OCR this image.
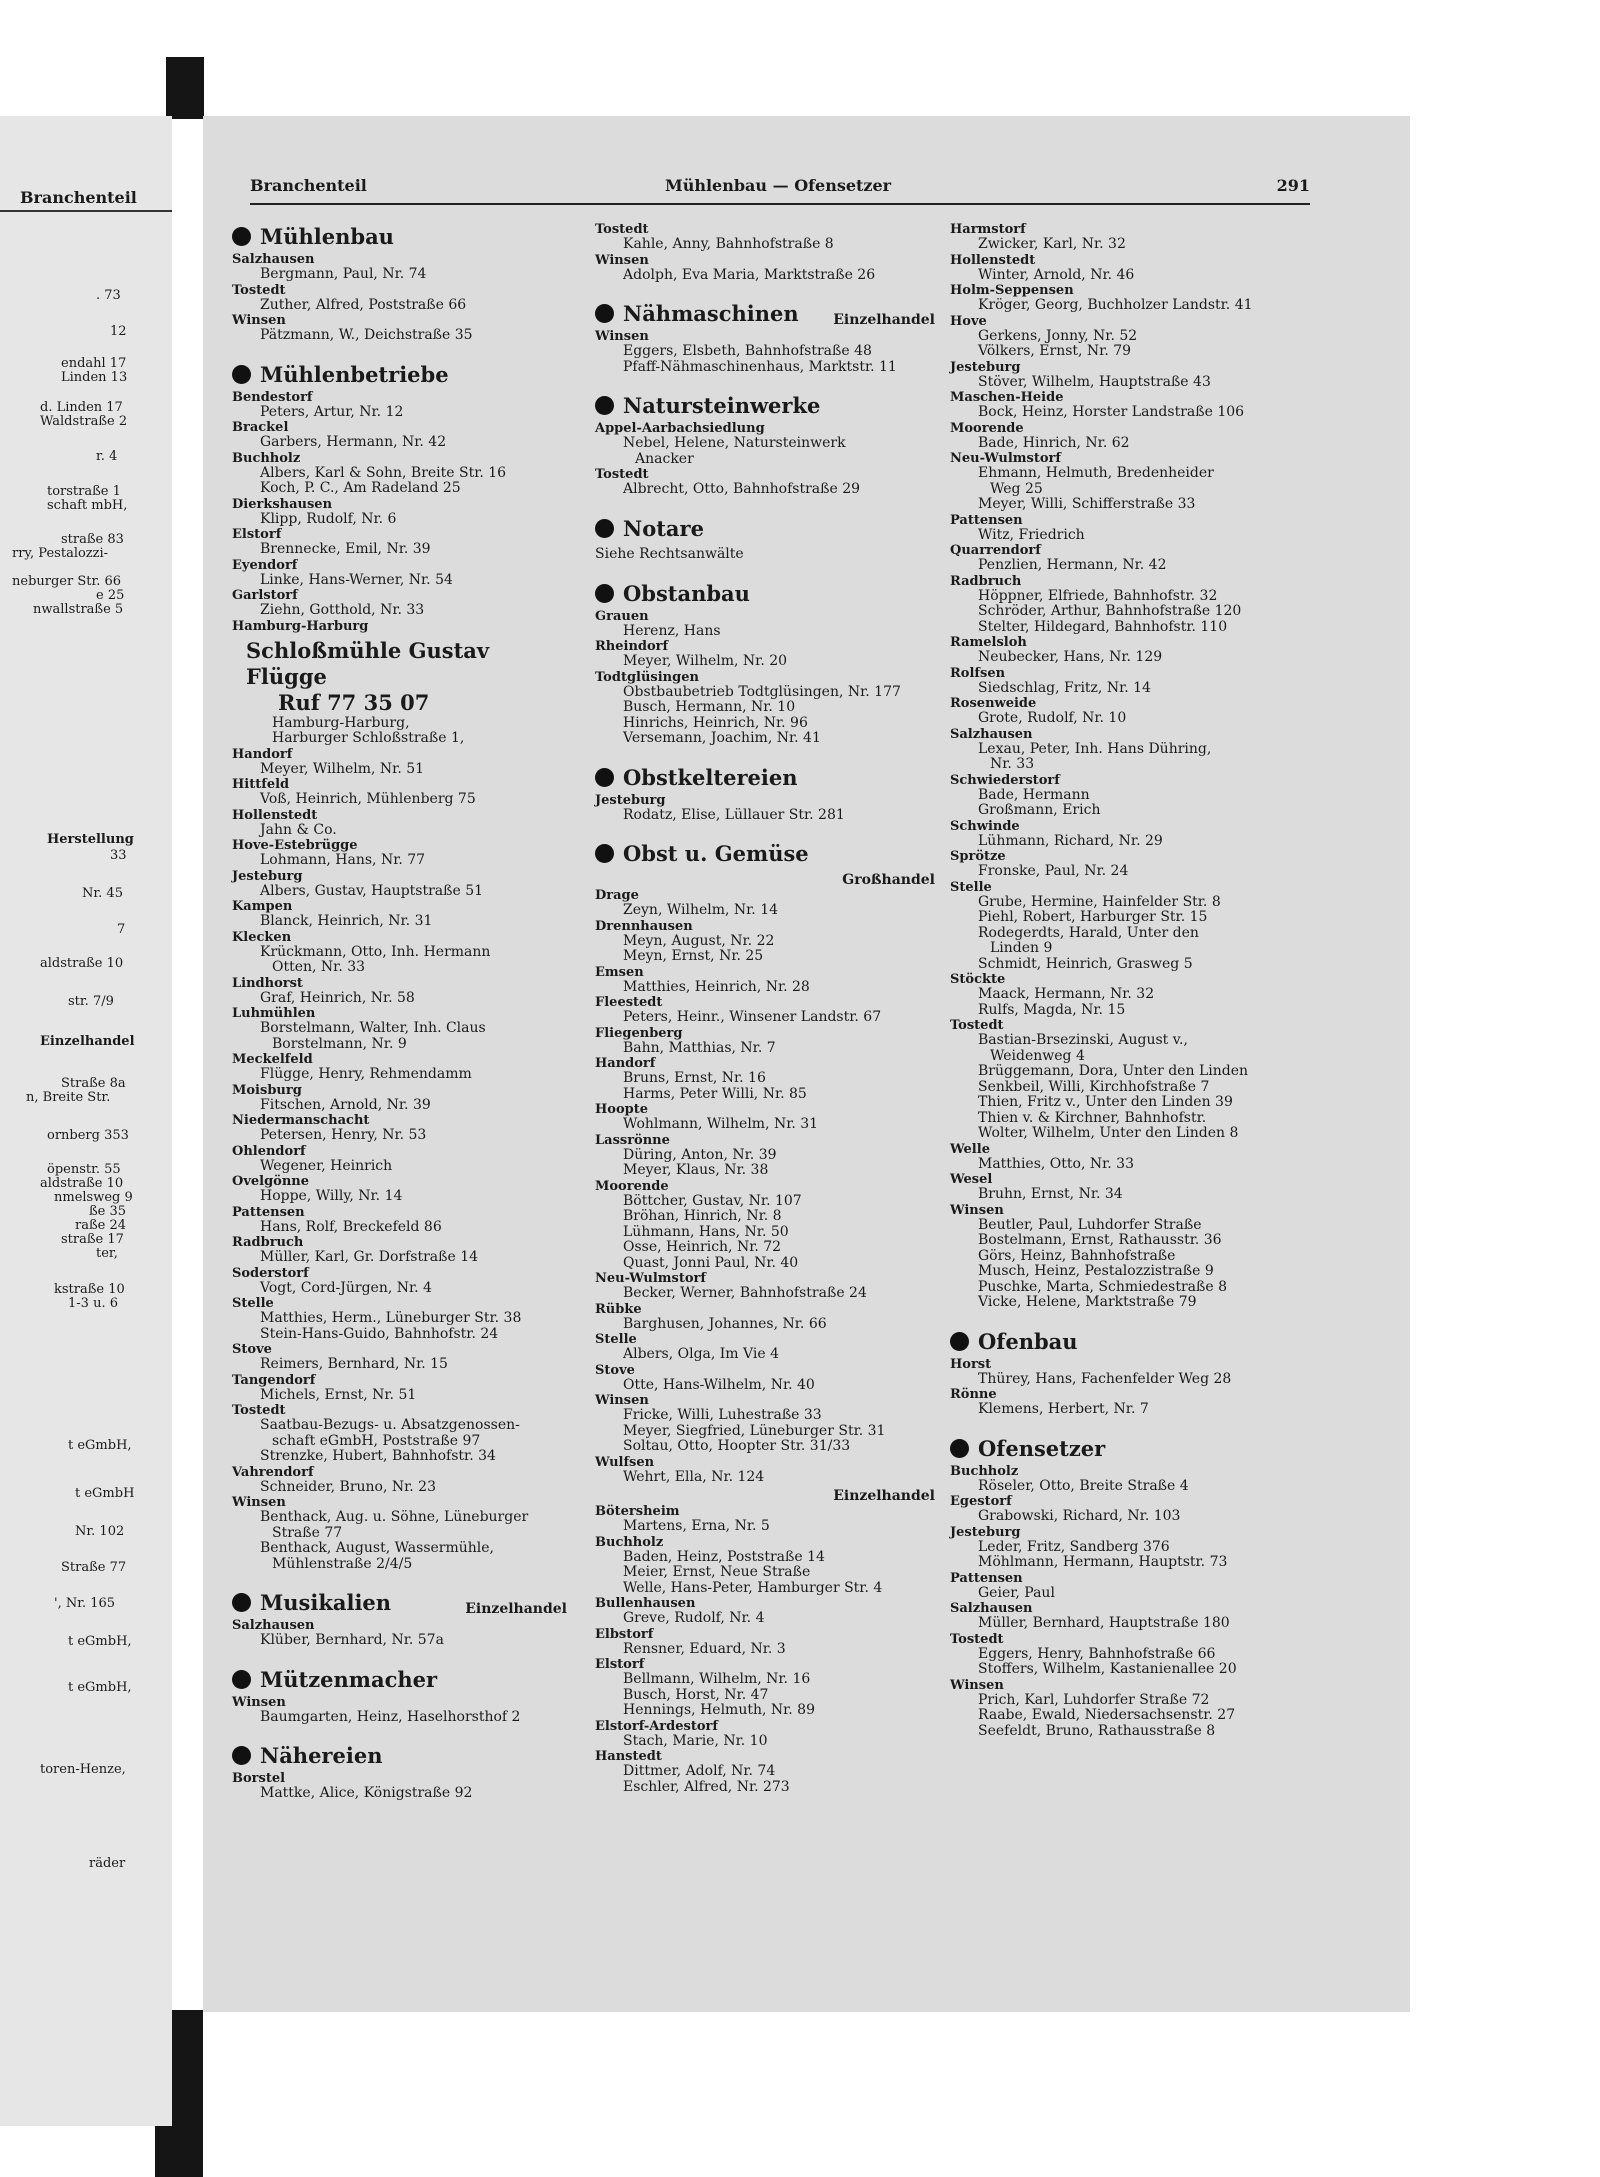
Branchenteil
. 73
12
endahl 17
Linden 13
d. Linden 17
Waldstraße 2
r. 4
torstraße 1
schaft mbH,
straße 83
rry, Pestalozzi-
neburger Str. 66
e 25
nwallstraße 5
Herstellung
33
Nr. 45
7
aldstraße 10
str. 7/9
Einzelhandel
Straße 8a
n, Breite Str.
ornberg 353
öpenstr. 55
aldstraße 10
nmelsweg 9
ße 35
raße 24
straße 17
ter,
kstraße 10
1-3 u. 6
t eGmbH,
t eGmbH
Nr. 102
Straße 77
', Nr. 165
t eGmbH,
t eGmbH,
toren-Henze,
räder
Branchenteil	Mühlenbau — Ofensetzer	291
Mühlenbau
Salzhausen
Bergmann, Paul, Nr. 74
Tostedt
Zuther, Alfred, Poststraße 66
Winsen
Pätzmann, W., Deichstraße 35
Mühlenbetriebe
Bendestorf
Peters, Artur, Nr. 12
Brackel
Garbers, Hermann, Nr. 42
Buchholz
Albers, Karl & Sohn, Breite Str. 16
Koch, P. C., Am Radeland 25
Dierkshausen
Klipp, Rudolf, Nr. 6
Elstorf
Brennecke, Emil, Nr. 39
Eyendorf
Linke, Hans-Werner, Nr. 54
Garlstorf
Ziehn, Gotthold, Nr. 33
Hamburg-Harburg
Schloßmühle Gustav Flügge
Ruf 77 35 07
Hamburg-Harburg,
Harburger Schloßstraße 1,
Handorf
Meyer, Wilhelm, Nr. 51
Hittfeld
Voß, Heinrich, Mühlenberg 75
Hollenstedt
Jahn & Co.
Hove-Estebrügge
Lohmann, Hans, Nr. 77
Jesteburg
Albers, Gustav, Hauptstraße 51
Kampen
Blanck, Heinrich, Nr. 31
Klecken
Krückmann, Otto, Inh. Hermann
Otten, Nr. 33
Lindhorst
Graf, Heinrich, Nr. 58
Luhmühlen
Borstelmann, Walter, Inh. Claus
Borstelmann, Nr. 9
Meckelfeld
Flügge, Henry, Rehmendamm
Moisburg
Fitschen, Arnold, Nr. 39
Niedermanschacht
Petersen, Henry, Nr. 53
Ohlendorf
Wegener, Heinrich
Ovelgönne
Hoppe, Willy, Nr. 14
Pattensen
Hans, Rolf, Breckefeld 86
Radbruch
Müller, Karl, Gr. Dorfstraße 14
Soderstorf
Vogt, Cord-Jürgen, Nr. 4
Stelle
Matthies, Herm., Lüneburger Str. 38
Stein-Hans-Guido, Bahnhofstr. 24
Stove
Reimers, Bernhard, Nr. 15
Tangendorf
Michels, Ernst, Nr. 51
Tostedt
Saatbau-Bezugs- u. Absatzgenossen-
schaft eGmbH, Poststraße 97
Strenzke, Hubert, Bahnhofstr. 34
Vahrendorf
Schneider, Bruno, Nr. 23
Winsen
Benthack, Aug. u. Söhne, Lüneburger
Straße 77
Benthack, August, Wassermühle,
Mühlenstraße 2/4/5
Musikalien	Einzelhandel
Salzhausen
Klüber, Bernhard, Nr. 57a
Mützenmacher
Winsen
Baumgarten, Heinz, Haselhorsthof 2
Nähereien
Borstel
Mattke, Alice, Königstraße 92
Tostedt
Kahle, Anny, Bahnhofstraße 8
Winsen
Adolph, Eva Maria, Marktstraße 26
Nähmaschinen Einzelhandel
Winsen
Eggers, Elsbeth, Bahnhofstraße 48
Pfaff-Nähmaschinenhaus, Marktstr. 11
Natursteinwerke
Appel-Aarbachsiedlung
Nebel, Helene, Natursteinwerk
Anacker
Tostedt
Albrecht, Otto, Bahnhofstraße 29
Notare
Siehe Rechtsanwälte
Obstanbau
Grauen
Herenz, Hans
Rheindorf
Meyer, Wilhelm, Nr. 20
Todtglüsingen
Obstbaubetrieb Todtglüsingen, Nr. 177
Busch, Hermann, Nr. 10
Hinrichs, Heinrich, Nr. 96
Versemann, Joachim, Nr. 41
Obstkeltereien
Jesteburg
Rodatz, Elise, Lüllauer Str. 281
Obst u. Gemüse
Großhandel
Drage
Zeyn, Wilhelm, Nr. 14
Drennhausen
Meyn, August, Nr. 22
Meyn, Ernst, Nr. 25
Emsen
Matthies, Heinrich, Nr. 28
Fleestedt
Peters, Heinr., Winsener Landstr. 67
Fliegenberg
Bahn, Matthias, Nr. 7
Handorf
Bruns, Ernst, Nr. 16
Harms, Peter Willi, Nr. 85
Hoopte
Wohlmann, Wilhelm, Nr. 31
Lassrönne
Düring, Anton, Nr. 39
Meyer, Klaus, Nr. 38
Moorende
Böttcher, Gustav, Nr. 107
Bröhan, Hinrich, Nr. 8
Lühmann, Hans, Nr. 50
Osse, Heinrich, Nr. 72
Quast, Jonni Paul, Nr. 40
Neu-Wulmstorf
Becker, Werner, Bahnhofstraße 24
Rübke
Barghusen, Johannes, Nr. 66
Stelle
Albers, Olga, Im Vie 4
Stove
Otte, Hans-Wilhelm, Nr. 40
Winsen
Fricke, Willi, Luhestraße 33
Meyer, Siegfried, Lüneburger Str. 31
Soltau, Otto, Hoopter Str. 31/33
Wulfsen
Wehrt, Ella, Nr. 124
Einzelhandel
Bötersheim
Martens, Erna, Nr. 5
Buchholz
Baden, Heinz, Poststraße 14
Meier, Ernst, Neue Straße
Welle, Hans-Peter, Hamburger Str. 4
Bullenhausen
Greve, Rudolf, Nr. 4
Elbstorf
Rensner, Eduard, Nr. 3
Elstorf
Bellmann, Wilhelm, Nr. 16
Busch, Horst, Nr. 47
Hennings, Helmuth, Nr. 89
Elstorf-Ardestorf
Stach, Marie, Nr. 10
Hanstedt
Dittmer, Adolf, Nr. 74
Eschler, Alfred, Nr. 273
Harmstorf
Zwicker, Karl, Nr. 32
Hollenstedt
Winter, Arnold, Nr. 46
Holm-Seppensen
Kröger, Georg, Buchholzer Landstr. 41
Hove
Gerkens, Jonny, Nr. 52
Völkers, Ernst, Nr. 79
Jesteburg
Stöver, Wilhelm, Hauptstraße 43
Maschen-Heide
Bock, Heinz, Horster Landstraße 106
Moorende
Bade, Hinrich, Nr. 62
Neu-Wulmstorf
Ehmann, Helmuth, Bredenheider
Weg 25
Meyer, Willi, Schifferstraße 33
Pattensen
Witz, Friedrich
Quarrendorf
Penzlien, Hermann, Nr. 42
Radbruch
Höppner, Elfriede, Bahnhofstr. 32
Schröder, Arthur, Bahnhofstraße 120
Stelter, Hildegard, Bahnhofstr. 110
Ramelsloh
Neubecker, Hans, Nr. 129
Rolfsen
Siedschlag, Fritz, Nr. 14
Rosenweide
Grote, Rudolf, Nr. 10
Salzhausen
Lexau, Peter, Inh. Hans Dühring,
Nr. 33
Schwiederstorf
Bade, Hermann
Großmann, Erich
Schwinde
Lühmann, Richard, Nr. 29
Sprötze
Fronske, Paul, Nr. 24
Stelle
Grube, Hermine, Hainfelder Str. 8
Piehl, Robert, Harburger Str. 15
Rodegerdts, Harald, Unter den
Linden 9
Schmidt, Heinrich, Grasweg 5
Stöckte
Maack, Hermann, Nr. 32
Rulfs, Magda, Nr. 15
Tostedt
Bastian-Brsezinski, August v.,
Weidenweg 4
Brüggemann, Dora, Unter den Linden
Senkbeil, Willi, Kirchhofstraße 7
Thien, Fritz v., Unter den Linden 39
Thien v. & Kirchner, Bahnhofstr.
Wolter, Wilhelm, Unter den Linden 8
Welle
Matthies, Otto, Nr. 33
Wesel
Bruhn, Ernst, Nr. 34
Winsen
Beutler, Paul, Luhdorfer Straße
Bostelmann, Ernst, Rathausstr. 36
Görs, Heinz, Bahnhofstraße
Musch, Heinz, Pestalozzistraße 9
Puschke, Marta, Schmiedestraße 8
Vicke, Helene, Marktstraße 79
Ofenbau
Horst
Thürey, Hans, Fachenfelder Weg 28
Rönne
Klemens, Herbert, Nr. 7
Ofensetzer
Buchholz
Röseler, Otto, Breite Straße 4
Egestorf
Grabowski, Richard, Nr. 103
Jesteburg
Leder, Fritz, Sandberg 376
Möhlmann, Hermann, Hauptstr. 73
Pattensen
Geier, Paul
Salzhausen
Müller, Bernhard, Hauptstraße 180
Tostedt
Eggers, Henry, Bahnhofstraße 66
Stoffers, Wilhelm, Kastanienallee 20
Winsen
Prich, Karl, Luhdorfer Straße 72
Raabe, Ewald, Niedersachsenstr. 27
Seefeldt, Bruno, Rathausstraße 8
